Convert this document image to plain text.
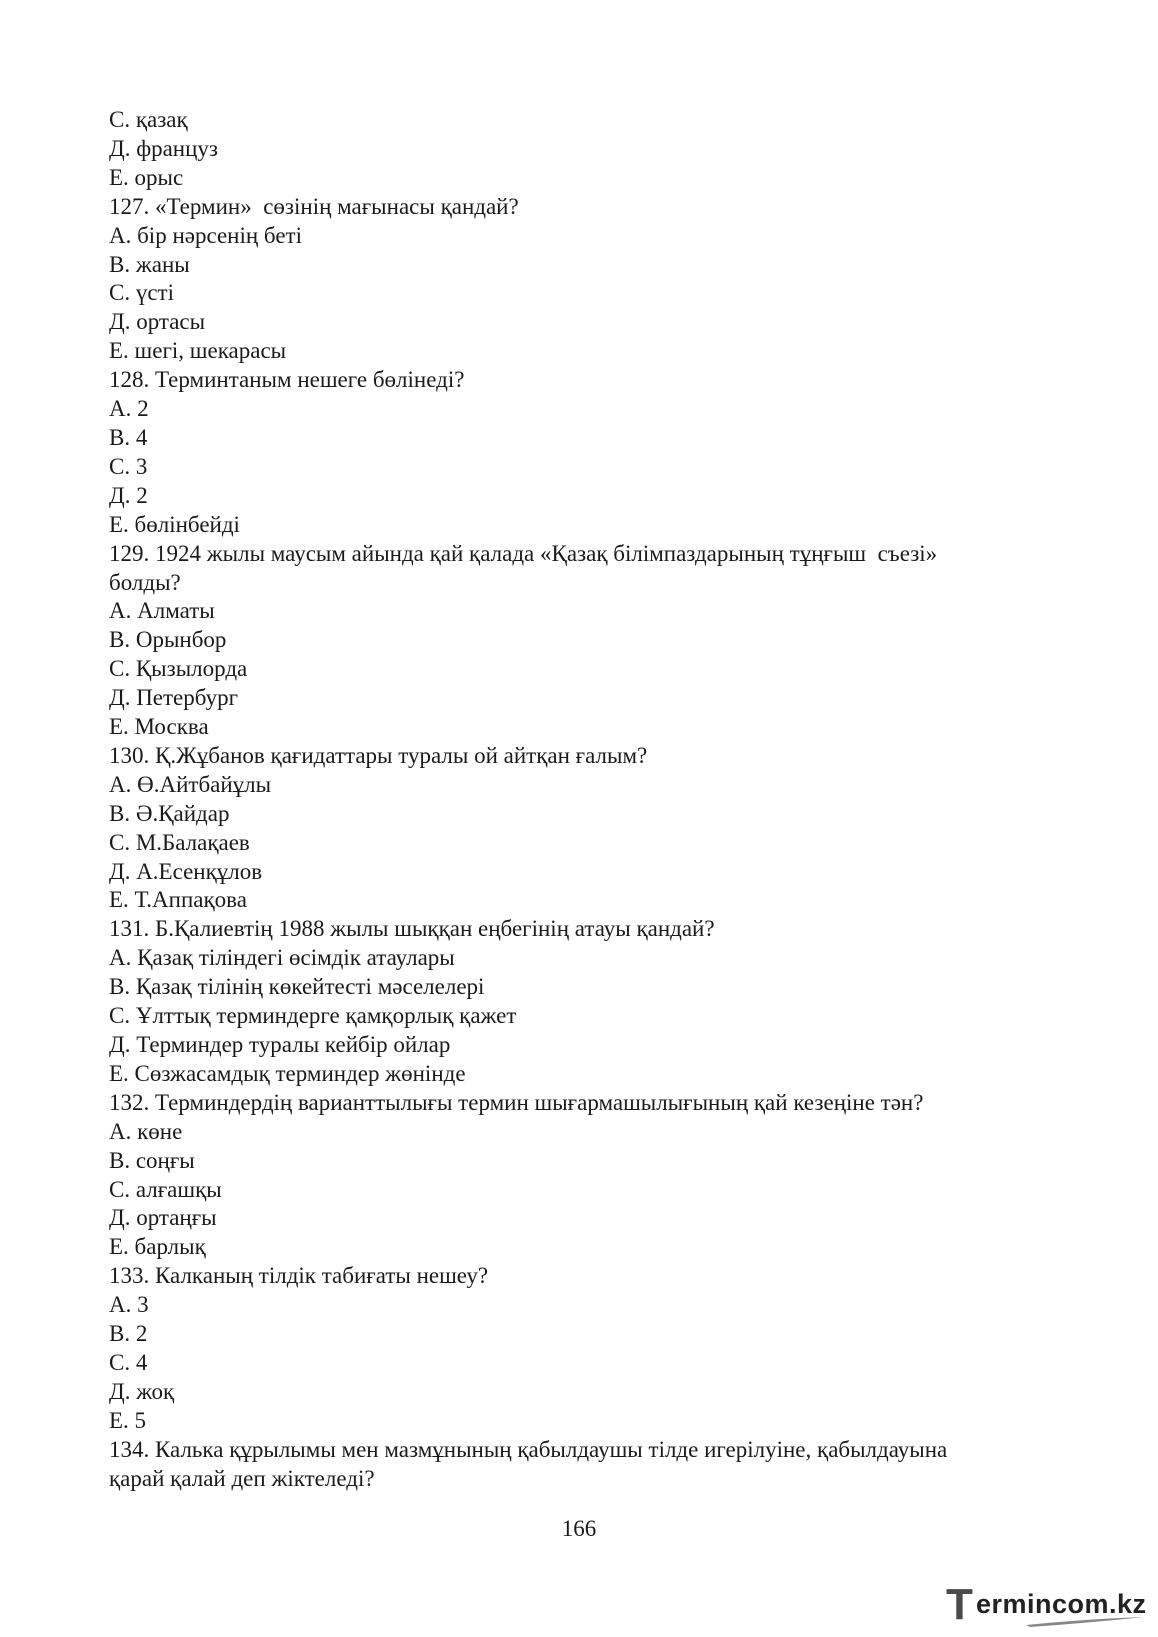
С. қазақ

Д. француз

Е. орыс

127. «Термин»  сөзінің мағынасы қандай?

А. бір нәрсенің беті

В. жаны

С. үсті

Д. ортасы

Е. шегі, шекарасы

128. Терминтаным нешеге бөлінеді?

А. 2

В. 4

С. 3

Д. 2

Е. бөлінбейді

129. 1924 жылы маусым айында қай қалада «Қазақ білімпаздарының тұңғыш  съезі»

болды?

А. Алматы

В. Орынбор

С. Қызылорда

Д. Петербург

Е. Москва

130. Қ.Жұбанов қағидаттары туралы ой айтқан ғалым?

А. Ө.Айтбайұлы

В. Ә.Қайдар

С. М.Балақаев

Д. А.Есенқұлов

Е. Т.Аппақова

131. Б.Қалиевтің 1988 жылы шыққан еңбегінің атауы қандай?

А. Қазақ тіліндегі өсімдік атаулары

В. Қазақ тілінің көкейтесті мәселелері

С. Ұлттық терминдерге қамқорлық қажет

Д. Терминдер туралы кейбір ойлар

Е. Сөзжасамдық терминдер жөнінде

132. Терминдердің варианттылығы термин шығармашылығының қай кезеңіне тән?

А. көне

В. соңғы

С. алғашқы

Д. ортаңғы

Е. барлық

133. Калканың тілдік табиғаты нешеу?

А. 3

В. 2

С. 4

Д. жоқ

Е. 5

134. Калька құрылымы мен мазмұнының қабылдаушы тілде игерілуіне, қабылдауына

қарай қалай деп жіктеледі?

166
T ermincom.kz
